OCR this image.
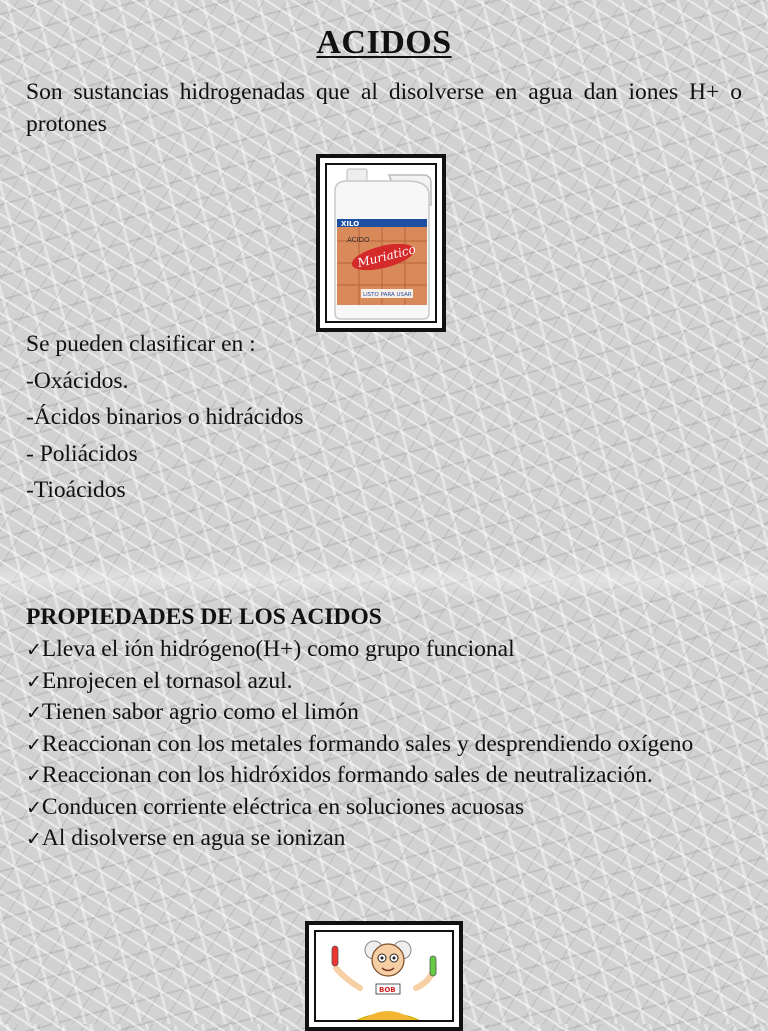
ACIDOS
Son sustancias hidrogenadas que al disolverse en agua dan iones H+ o protones
XILO
ACIDO
Muriatico
LISTO PARA USAR
Se pueden clasificar en :
-Oxácidos.
-Ácidos binarios o hidrácidos
- Poliácidos
-Tioácidos
PROPIEDADES DE LOS ACIDOS
✓Lleva el ión hidrógeno(H+) como grupo funcional
✓Enrojecen el tornasol azul.
✓Tienen sabor agrio como el limón
✓Reaccionan con los metales formando sales y desprendiendo oxígeno
✓Reaccionan con los hidróxidos formando sales de neutralización.
✓Conducen corriente eléctrica en soluciones acuosas
✓Al disolverse en agua se ionizan
BOB
